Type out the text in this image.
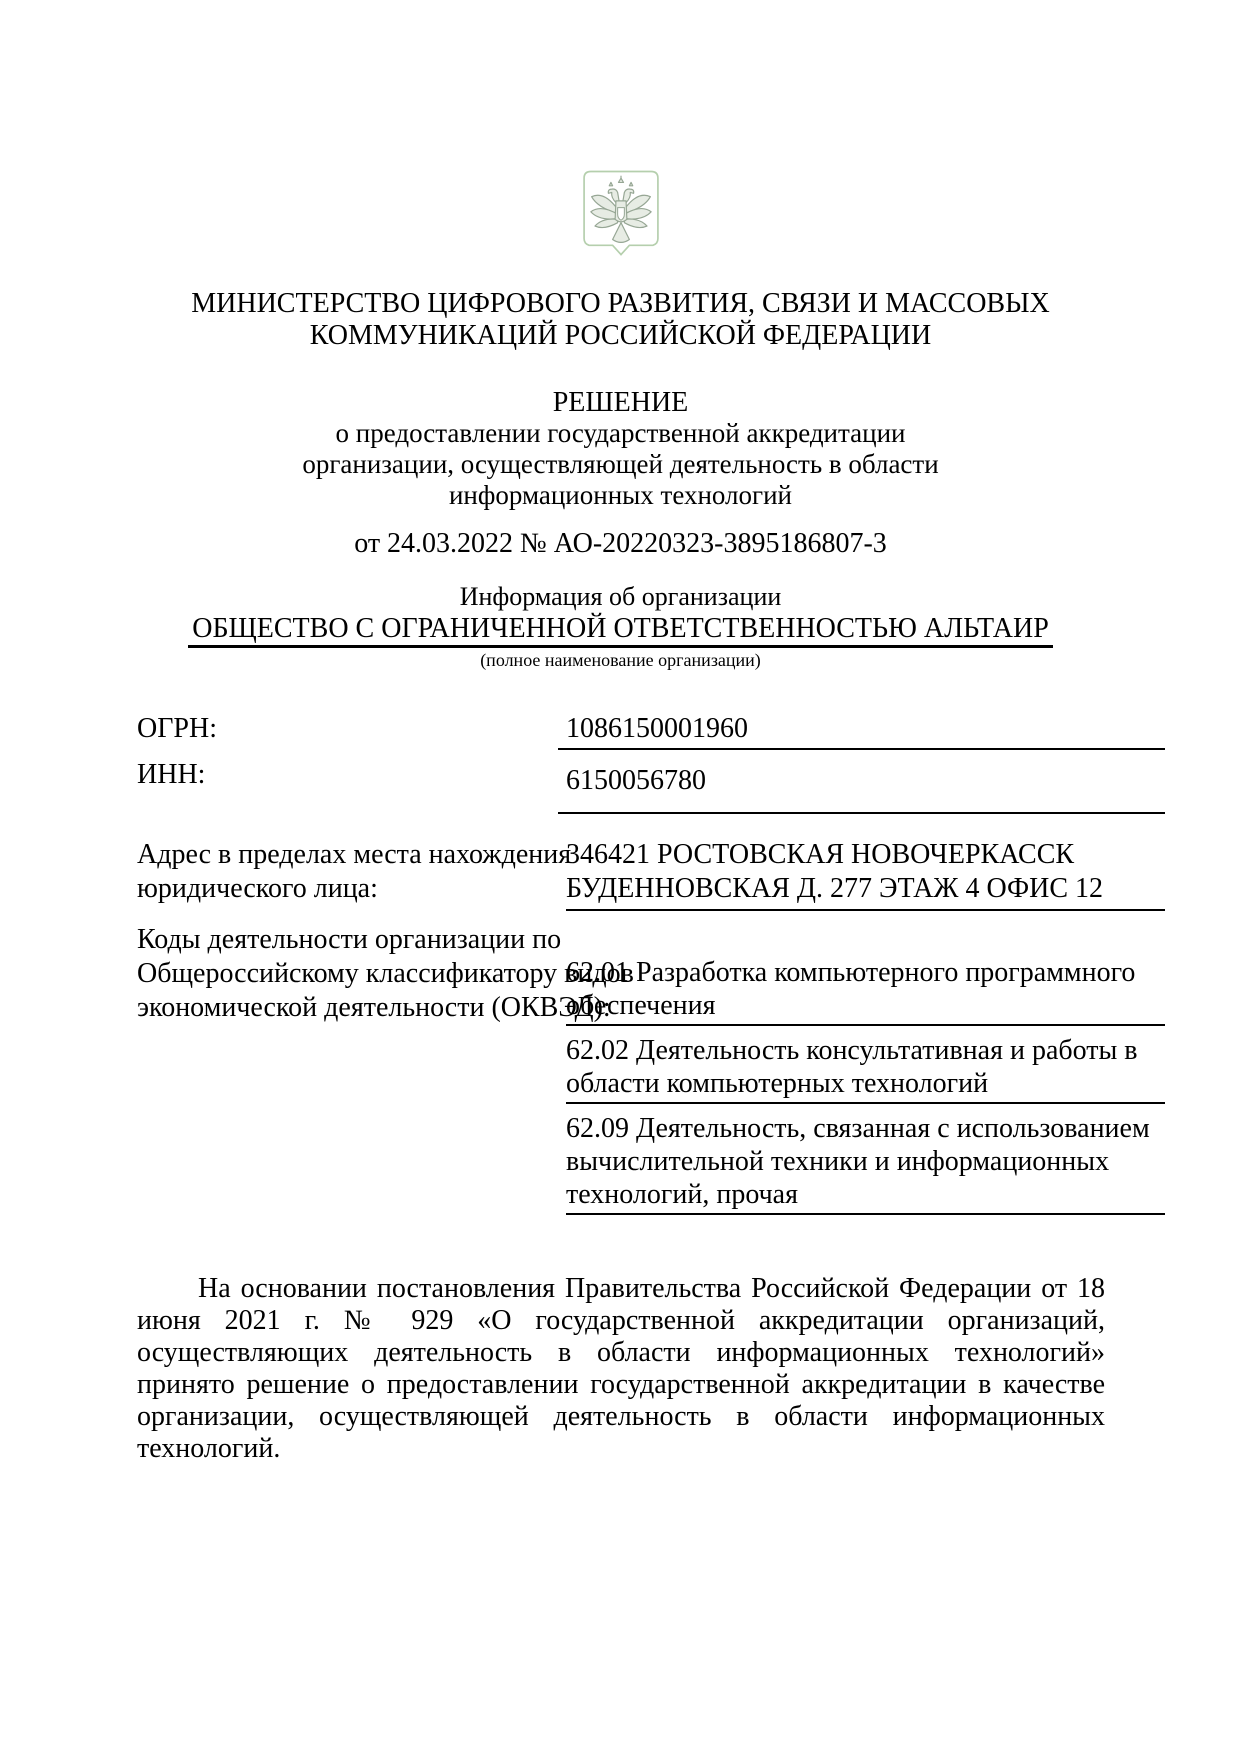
МИНИСТЕРСТВО ЦИФРОВОГО РАЗВИТИЯ, СВЯЗИ И МАССОВЫХ
КОММУНИКАЦИЙ РОССИЙСКОЙ ФЕДЕРАЦИИ
РЕШЕНИЕ
о предоставлении государственной аккредитации
организации, осуществляющей деятельность в области
информационных технологий
от 24.03.2022 № АО-20220323-3895186807-3
Информация об организации
ОБЩЕСТВО С ОГРАНИЧЕННОЙ ОТВЕТСТВЕННОСТЬЮ АЛЬТАИР
(полное наименование организации)
ОГРН:	1086150001960
ИНН:	6150056780
Адрес в пределах места нахождения
юридического лица:
346421 РОСТОВСКАЯ НОВОЧЕРКАССК
БУДЕННОВСКАЯ Д. 277 ЭТАЖ 4 ОФИС 12
Коды деятельности организации по
Общероссийскому классификатору видов
экономической деятельности (ОКВЭД):
62.01 Разработка компьютерного программного
обеспечения
62.02 Деятельность консультативная и работы в
области компьютерных технологий
62.09 Деятельность, связанная с использованием
вычислительной техники и информационных
технологий, прочая

На основании постановления Правительства Российской Федерации от 18 июня 2021 г. № 929 «О государственной аккредитации организаций, осуществляющих деятельность в области информационных технологий» принято решение о предоставлении государственной аккредитации в качестве организации, осуществляющей деятельность в области информационных технологий.
